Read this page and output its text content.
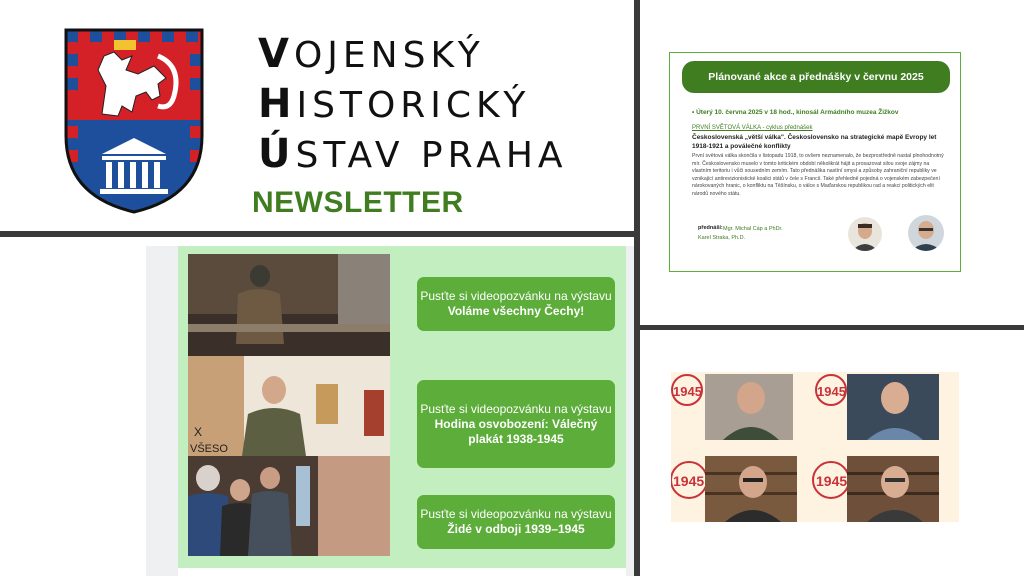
VOJENSKÝ
HISTORICKÝ
ÚSTAV PRAHA
NEWSLETTER
X
VŠESO
Pusťte si videopozvánku na výstavu
Voláme všechny Čechy!
Pusťte si videopozvánku na výstavu
Hodina osvobození: Válečný plakát 1938-1945
Pusťte si videopozvánku na výstavu
Židé v odboji 1939–1945
Plánované akce a přednášky v červnu 2025
• Úterý 10. června 2025 v 18 hod., kinosál Armádního muzea Žižkov
PRVNÍ SVĚTOVÁ VÁLKA - cyklus přednášek
Československá „větší válka". Československo na strategické mapě Evropy let 1918-1921 a poválečné konflikty
První světová válka skončila v listopadu 1918, to ovšem neznamenalo, že bezprostředně nastal plnohodnotný mír. Československo muselo v tomto kritickém období několikrát hájit a prosazovat silou svoje zájmy na vlastním teritoriu i vůči sousedním zemím. Tato přednáška nastíní smysl a způsoby zahraniční republiky ve vznikající antirevizionistické koalici států v čele s Francií. Také přehledně pojedná o vojenském zabezpečení nárokovaných hranic, o konfliktu na Těšínsku, o válce s Maďarskou republikou rad a reakci politických elit národů nového státu.
Mgr. Michal Cáp a PhDr. Karel Straka, Ph.D.
přednáší:
1945	1945
1945	1945
